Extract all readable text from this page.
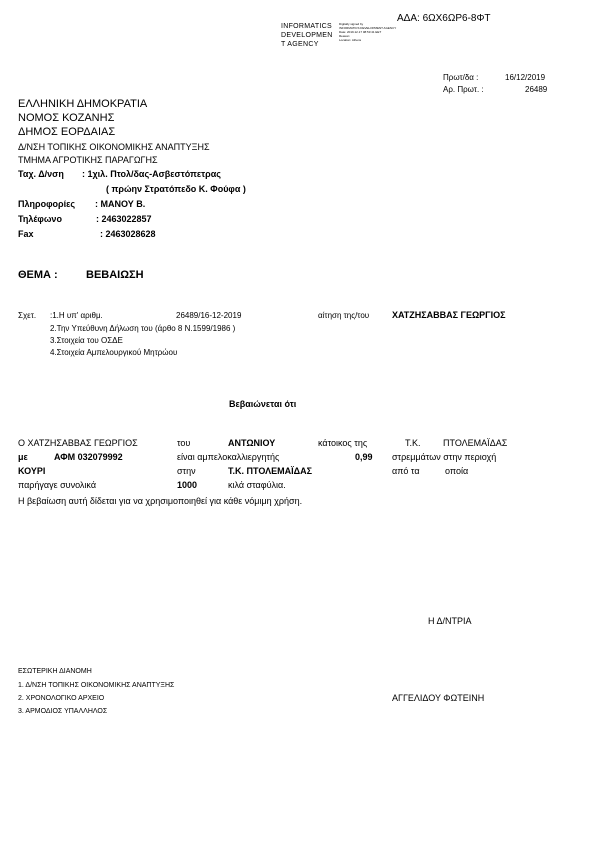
ΑΔΑ: 6ΩΧ6ΩΡ6-8ΦΤ
INFORMATICS
DEVELOPMEN
T AGENCY
Digitally signed by
INFORMATICS DEVELOPMENT AGENCY
Date: 2019.12.17 08:53:41 EET
Reason:
Location: Athens
Πρωτ/δα :	16/12/2019
Αρ. Πρωτ. :	26489
ΕΛΛΗΝΙΚΗ ΔΗΜΟΚΡΑΤΙΑ
ΝΟΜΟΣ ΚΟΖΑΝΗΣ
ΔΗΜΟΣ ΕΟΡΔΑΙΑΣ
Δ/ΝΣΗ ΤΟΠΙΚΗΣ ΟΙΚΟΝΟΜΙΚΗΣ ΑΝΑΠΤΥΞΗΣ
ΤΜΗΜΑ ΑΓΡΟΤΙΚΗΣ ΠΑΡΑΓΩΓΗΣ
Ταχ. Δ/νση : 1χιλ. Πτολ/δας-Ασβεστόπετρας
( πρώην Στρατόπεδο Κ. Φούφα )
Πληροφορίες : ΜΑΝΟΥ Β.
Τηλέφωνο	: 2463022857
Fax	: 2463028628
ΘΕΜΑ :	ΒΕΒΑΙΩΣΗ
Σχετ. :1.Η υπ' αριθμ.	26489/16-12-2019	αίτηση της/του	ΧΑΤΖΗΣΑΒΒΑΣ ΓΕΩΡΓΙΟΣ
2.Την Υπεύθυνη Δήλωση του (άρθο 8 Ν.1599/1986 )
3.Στοιχεία του ΟΣΔΕ
4.Στοιχεία Αμπελουργικού Μητρώου
Βεβαιώνεται ότι
Ο ΧΑΤΖΗΣΑΒΒΑΣ ΓΕΩΡΓΙΟΣ	του	ΑΝΤΩΝΙΟΥ	κάτοικος της	Τ.Κ. ΠΤΟΛΕΜΑΪΔΑΣ
με	ΑΦΜ 032079992	είναι αμπελοκαλλιεργητής	0,99 στρεμμάτων στην περιοχή
ΚΟΥΡΙ	στην	Τ.Κ. ΠΤΟΛΕΜΑΪΔΑΣ	από τα	οποία
παρήγαγε συνολικά	1000	κιλά σταφύλια.
Η βεβαίωση αυτή δίδεται για να χρησιμοποιηθεί για κάθε νόμιμη χρήση.
Η Δ/ΝΤΡΙΑ
ΑΓΓΕΛΙΔΟΥ ΦΩΤΕΙΝΗ
ΕΣΩΤΕΡΙΚΗ ΔΙΑΝΟΜΗ
1. Δ/ΝΣΗ ΤΟΠΙΚΗΣ ΟΙΚΟΝΟΜΙΚΗΣ ΑΝΑΠΤΥΞΗΣ
2. ΧΡΟΝΟΛΟΓΙΚΟ ΑΡΧΕΙΟ
3. ΑΡΜΟΔΙΟΣ ΥΠΑΛΛΗΛΟΣ
